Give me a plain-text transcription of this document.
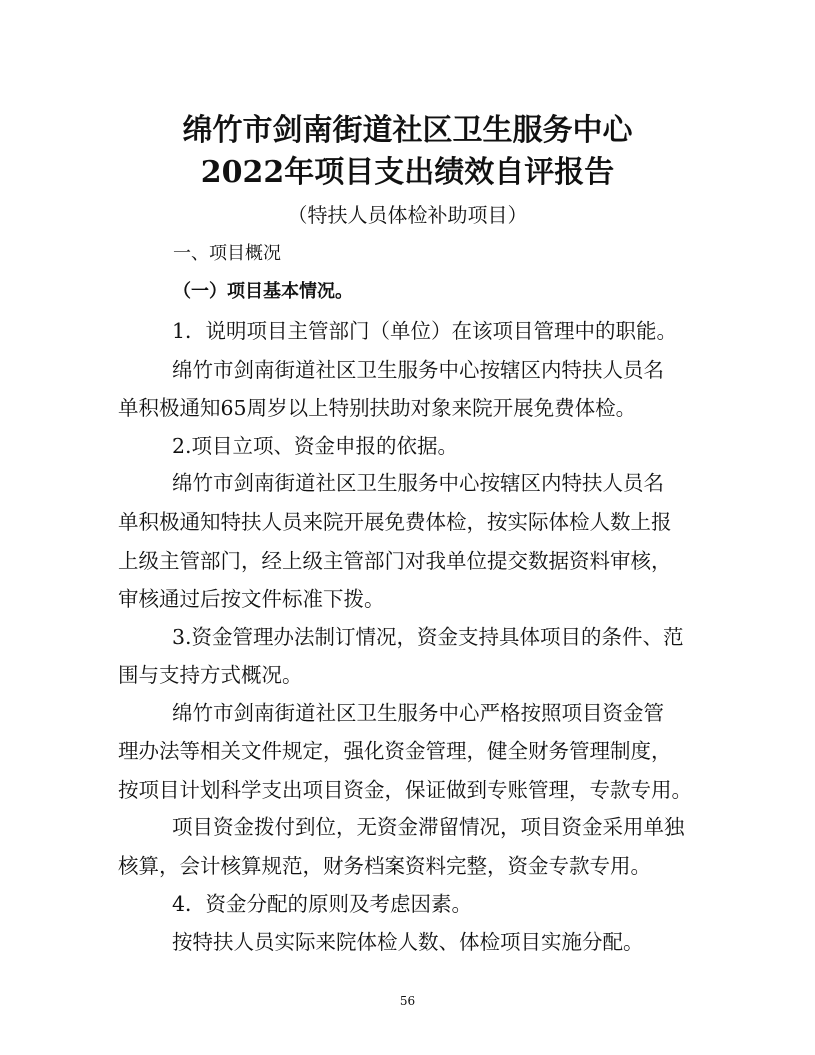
绵竹市剑南街道社区卫生服务中心
2022年项目支出绩效自评报告
（特扶人员体检补助项目）
一、项目概况
（一）项目基本情况。
1．说明项目主管部门（单位）在该项目管理中的职能。
绵竹市剑南街道社区卫生服务中心按辖区内特扶人员名
单积极通知65周岁以上特别扶助对象来院开展免费体检。
2.项目立项、资金申报的依据。
绵竹市剑南街道社区卫生服务中心按辖区内特扶人员名
单积极通知特扶人员来院开展免费体检，按实际体检人数上报
上级主管部门，经上级主管部门对我单位提交数据资料审核，
审核通过后按文件标准下拨。
3.资金管理办法制订情况，资金支持具体项目的条件、范
围与支持方式概况。
绵竹市剑南街道社区卫生服务中心严格按照项目资金管
理办法等相关文件规定，强化资金管理，健全财务管理制度，
按项目计划科学支出项目资金，保证做到专账管理，专款专用。
项目资金拨付到位，无资金滞留情况，项目资金采用单独
核算，会计核算规范，财务档案资料完整，资金专款专用。
4．资金分配的原则及考虑因素。
按特扶人员实际来院体检人数、体检项目实施分配。
56
